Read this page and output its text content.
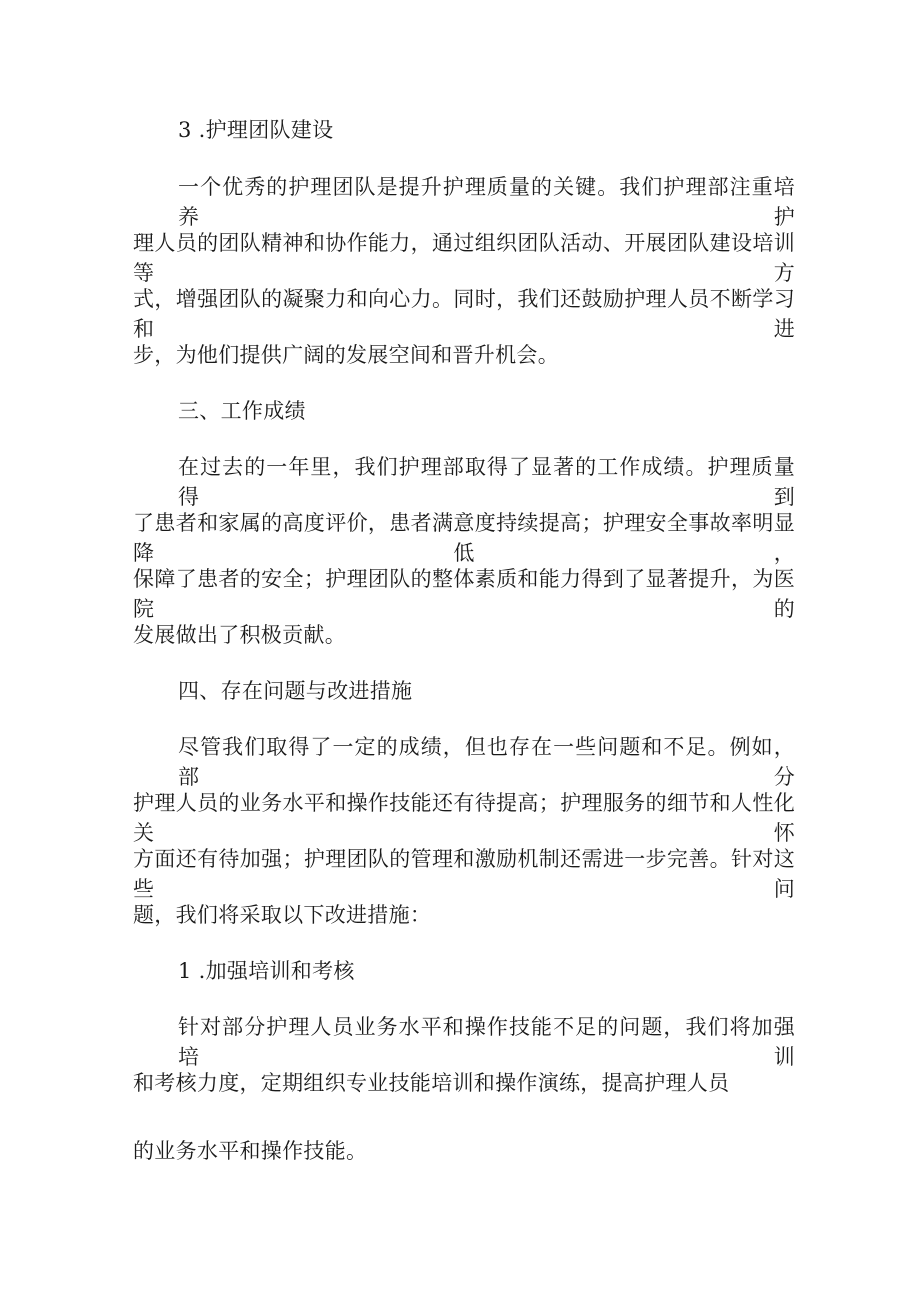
3 .护理团队建设
一个优秀的护理团队是提升护理质量的关键。我们护理部注重培养护
理人员的团队精神和协作能力，通过组织团队活动、开展团队建设培训等方
式，增强团队的凝聚力和向心力。同时，我们还鼓励护理人员不断学习和进
步，为他们提供广阔的发展空间和晋升机会。
三、工作成绩
在过去的一年里，我们护理部取得了显著的工作成绩。护理质量得到
了患者和家属的高度评价，患者满意度持续提高；护理安全事故率明显降低，
保障了患者的安全；护理团队的整体素质和能力得到了显著提升，为医院的
发展做出了积极贡献。
四、存在问题与改进措施
尽管我们取得了一定的成绩，但也存在一些问题和不足。例如，部分
护理人员的业务水平和操作技能还有待提高；护理服务的细节和人性化关怀
方面还有待加强；护理团队的管理和激励机制还需进一步完善。针对这些问
题，我们将采取以下改进措施：
1 .加强培训和考核
针对部分护理人员业务水平和操作技能不足的问题，我们将加强培训
和考核力度，定期组织专业技能培训和操作演练，提高护理人员
的业务水平和操作技能。
